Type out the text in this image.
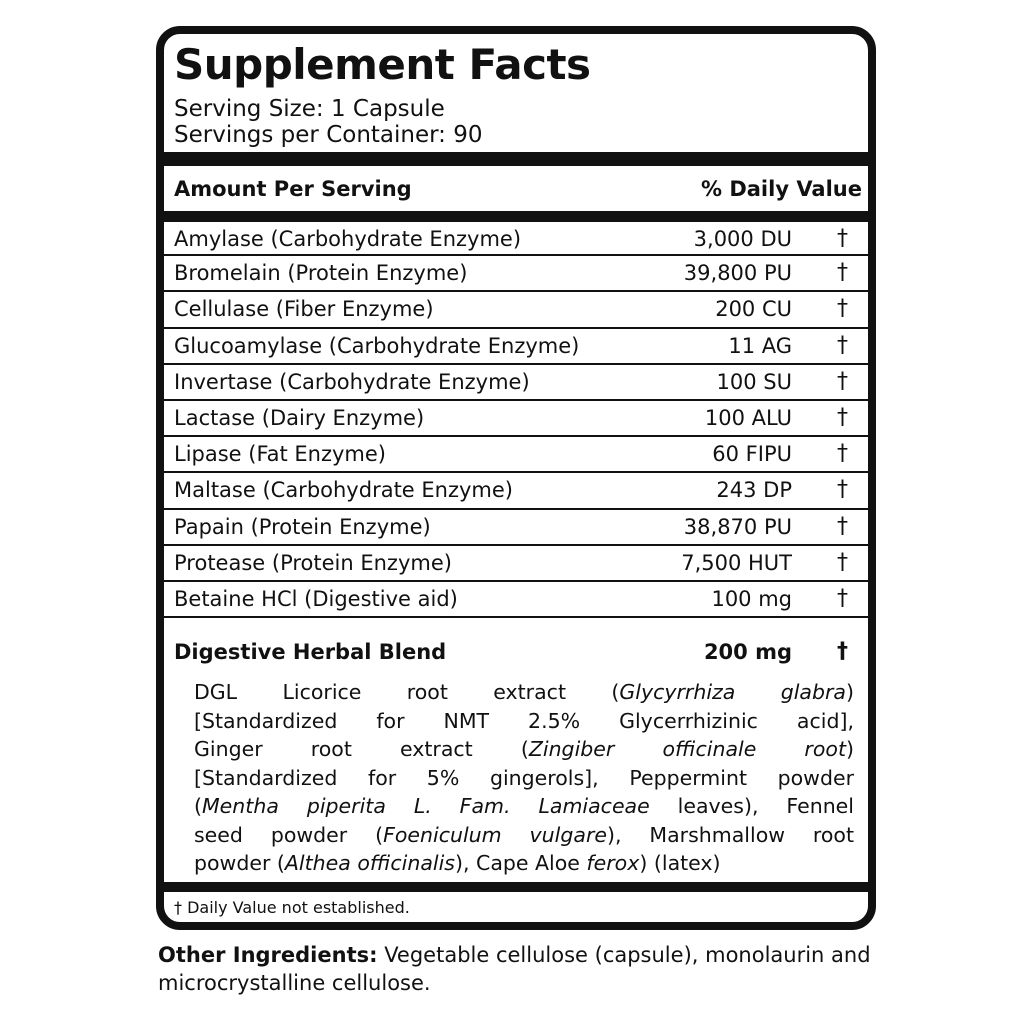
Supplement Facts
Serving Size: 1 Capsule
Servings per Container: 90
Amount Per Serving	% Daily Value
Amylase (Carbohydrate Enzyme)	3,000 DU †
Bromelain (Protein Enzyme)	39,800 PU †
Cellulase (Fiber Enzyme)	200 CU †
Glucoamylase (Carbohydrate Enzyme)	11 AG †
Invertase (Carbohydrate Enzyme)	100 SU †
Lactase (Dairy Enzyme)	100 ALU †
Lipase (Fat Enzyme)	60 FIPU †
Maltase (Carbohydrate Enzyme)	243 DP †
Papain (Protein Enzyme)	38,870 PU †
Protease (Protein Enzyme)	7,500 HUT †
Betaine HCl (Digestive aid)	100 mg †
Digestive Herbal Blend	200 mg †
DGL Licorice root extract (Glycyrrhiza glabra)
[Standardized for NMT 2.5% Glycerrhizinic acid],
Ginger root extract (Zingiber officinale root)
[Standardized for 5% gingerols], Peppermint powder
(Mentha piperita L. Fam. Lamiaceae leaves), Fennel
seed powder (Foeniculum vulgare), Marshmallow root
powder (Althea officinalis), Cape Aloe ferox) (latex)
† Daily Value not established.
Other Ingredients: Vegetable cellulose (capsule), monolaurin and microcrystalline cellulose.
